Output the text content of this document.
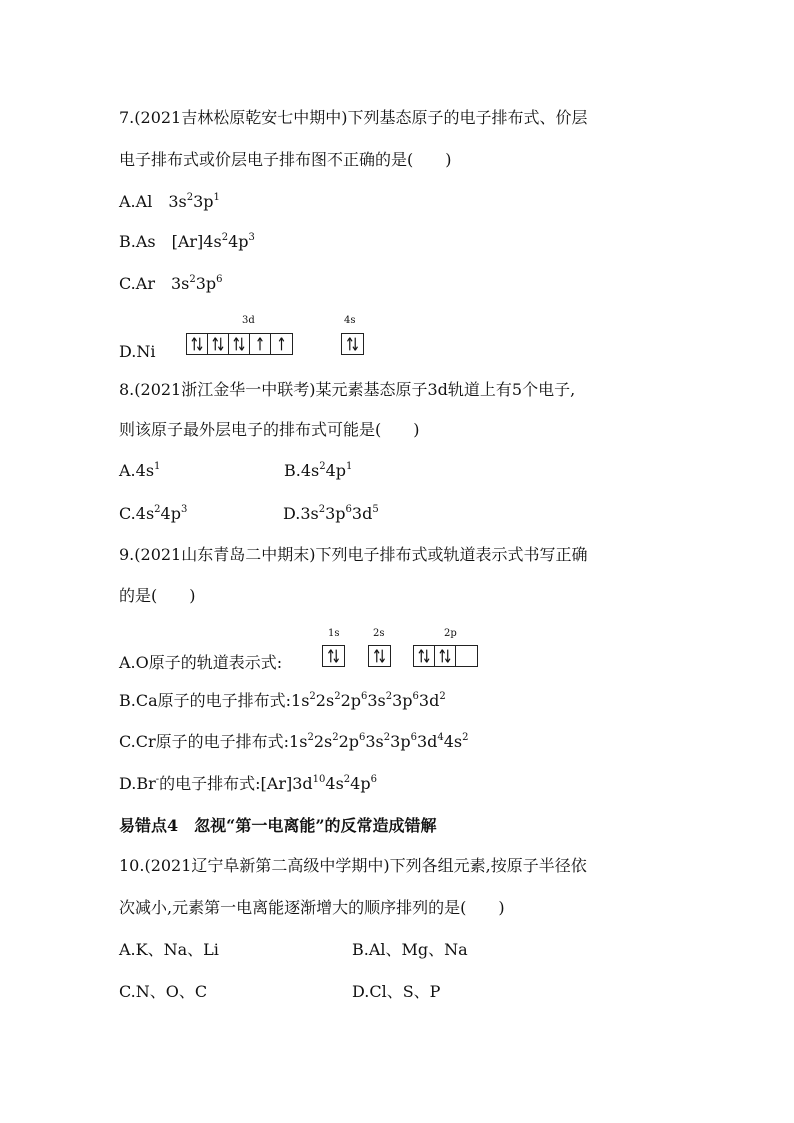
7.(2021吉林松原乾安七中期中)下列基态原子的电子排布式、价层
电子排布式或价层电子排布图不正确的是(　　)
A.Al　$3s^23p^1$
B.As　$[Ar]4s^24p^3$
C.Ar　$3s^23p^6$
3d	4s
D.Ni
8.(2021浙江金华一中联考)某元素基态原子3d轨道上有5个电子,
则该原子最外层电子的排布式可能是(　　)
$A.4s^1$	$B.4s^24p^1$
$C.4s^24p^3$	$D.3s^23p^63d^5$
9.(2021山东青岛二中期末)下列电子排布式或轨道表示式书写正确
的是(　　)
1s	2s	2p
A.O原子的轨道表示式:
B.Ca原子的电子排布式$:1s^22s^22p^63s^23p^63d^2$
C.Cr原子的电子排布式$:1s^22s^22p^63s^23p^63d^44s^2$
D.Br-的电子排布式$:[Ar]3d^{10}4s^24p^6$
易错点4　忽视“第一电离能”的反常造成错解
10.(2021辽宁阜新第二高级中学期中)下列各组元素,按原子半径依
次减小,元素第一电离能逐渐增大的顺序排列的是(　　)
A.K、Na、Li	B.Al、Mg、Na
C.N、O、C	D.Cl、S、P
